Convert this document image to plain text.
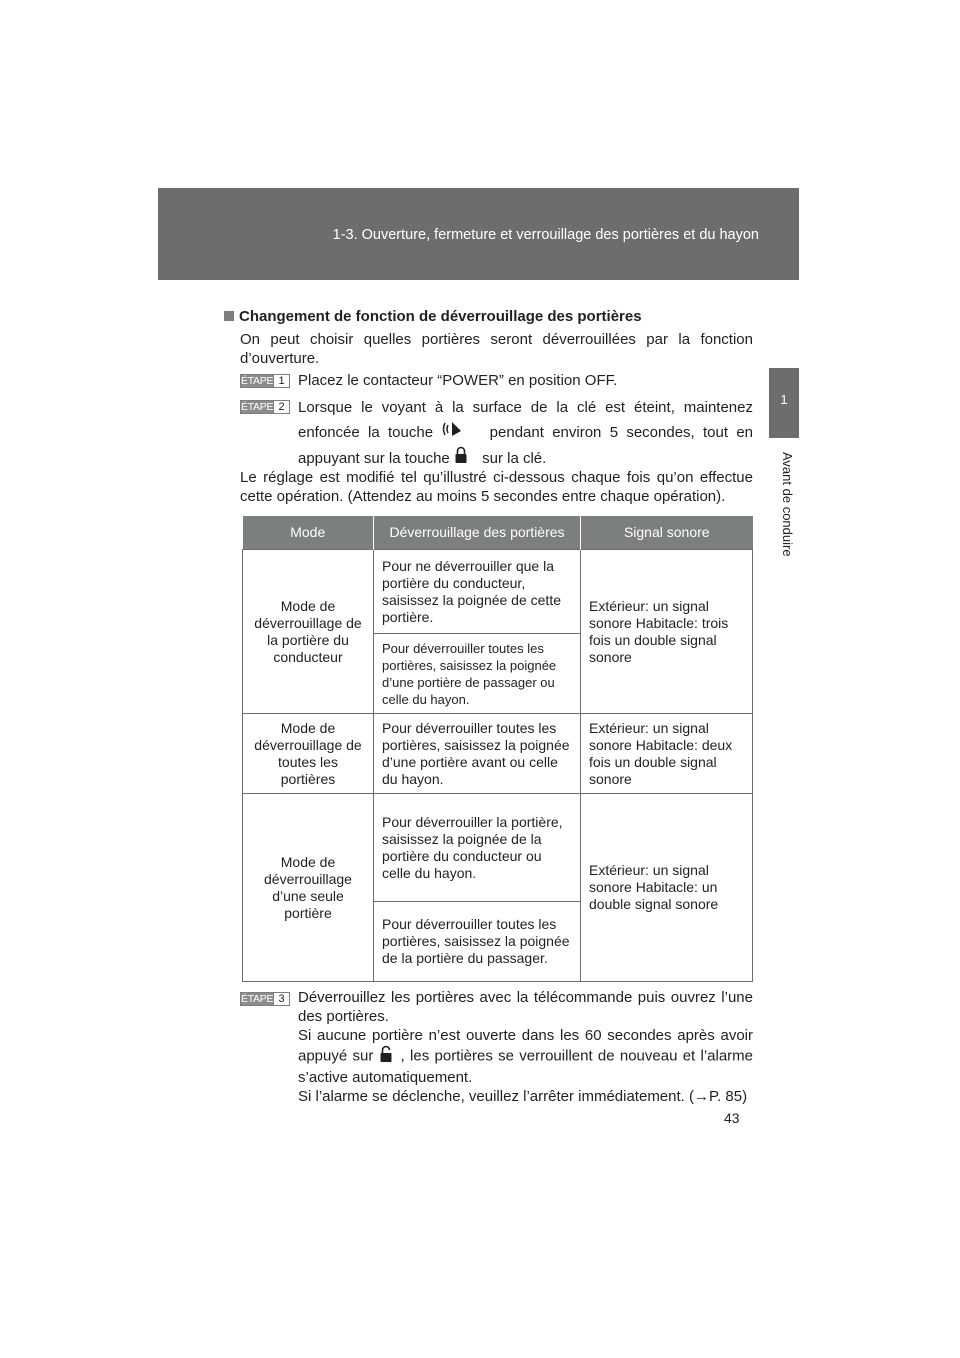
1-3. Ouverture, fermeture et verrouillage des portières et du hayon
1
Avant de conduire
Changement de fonction de déverrouillage des portières
On peut choisir quelles portières seront déverrouillées par la fonction d’ouverture.
ÉTAPE 1 Placez le contacteur “POWER” en position OFF.
ÉTAPE 2 Lorsque le voyant à la surface de la clé est éteint, maintenez enfoncée la touche	pendant environ 5 secondes, tout en appuyant sur la touche sur la clé.
Le réglage est modifié tel qu’illustré ci-dessous chaque fois qu’on effectue cette opération. (Attendez au moins 5 secondes entre chaque opération).
Mode	Déverrouillage des portières	Signal sonore
Mode de déverrouillage de la portière du conducteur	Pour ne déverrouiller que la portière du conducteur, saisissez la poignée de cette portière.	Extérieur: un signal sonore Habitacle: trois fois un double signal sonore
	Pour déverrouiller toutes les portières, saisissez la poignée d’une portière de passager ou celle du hayon.	
Mode de déverrouillage de toutes les portières	Pour déverrouiller toutes les portières, saisissez la poignée d’une portière avant ou celle du hayon.	Extérieur: un signal sonore Habitacle: deux fois un double signal sonore
Mode de déverrouillage d’une seule portière	Pour déverrouiller la portière, saisissez la poignée de la portière du conducteur ou celle du hayon.	Extérieur: un signal sonore Habitacle: un double signal sonore
	Pour déverrouiller toutes les portières, saisissez la poignée de la portière du passager.	
ÉTAPE 3 Déverrouillez les portières avec la télécommande puis ouvrez l’une des portières.
Si aucune portière n’est ouverte dans les 60 secondes après avoir appuyé sur , les portières se verrouillent de nouveau et l’alarme s’active automatiquement.
Si l’alarme se déclenche, veuillez l’arrêter immédiatement. (→P. 85)
43
